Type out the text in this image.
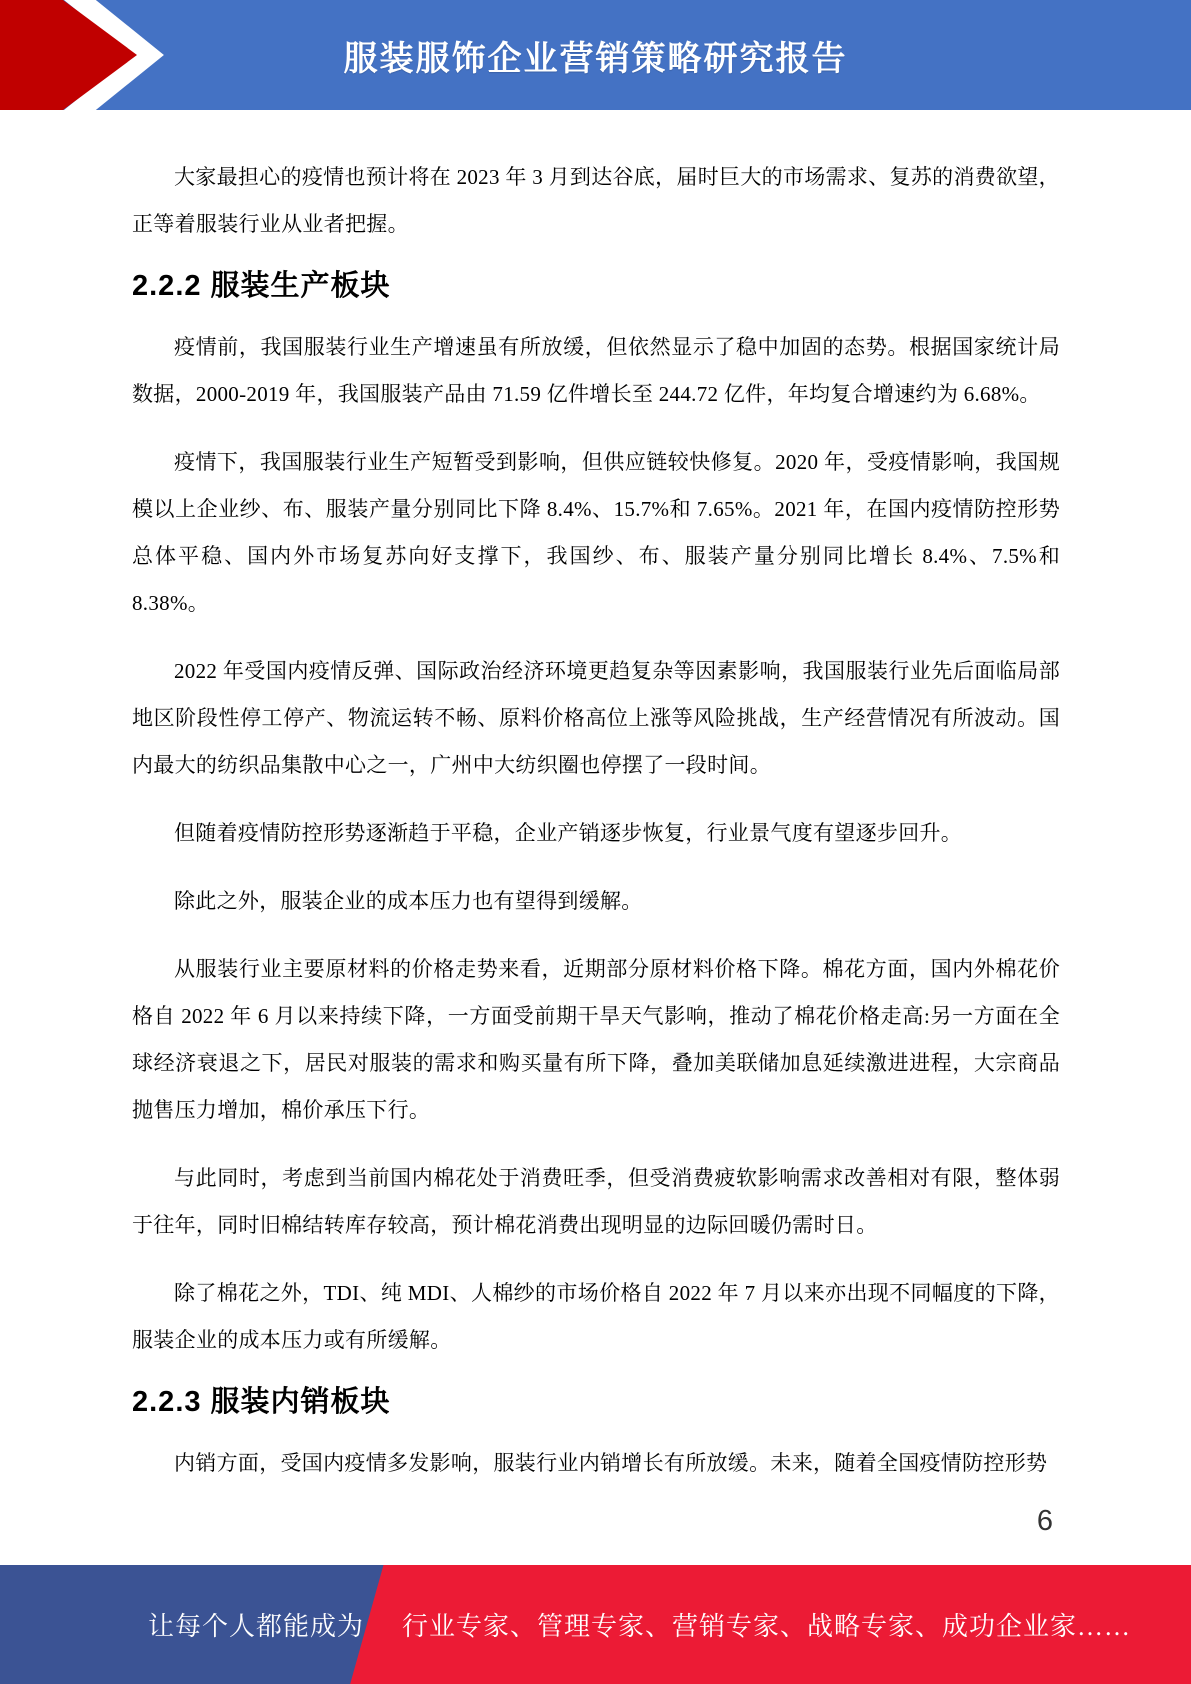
服装服饰企业营销策略研究报告

大家最担心的疫情也预计将在 2023 年 3 月到达谷底，届时巨大的市场需求、复苏的消费欲望，正等着服装行业从业者把握。

2.2.2 服装生产板块

疫情前，我国服装行业生产增速虽有所放缓，但依然显示了稳中加固的态势。根据国家统计局数据，2000-2019 年，我国服装产品由 71.59 亿件增长至 244.72 亿件，年均复合增速约为 6.68%。

疫情下，我国服装行业生产短暂受到影响，但供应链较快修复。2020 年，受疫情影响，我国规模以上企业纱、布、服装产量分别同比下降 8.4%、15.7%和 7.65%。2021 年，在国内疫情防控形势总体平稳、国内外市场复苏向好支撑下，我国纱、布、服装产量分别同比增长 8.4%、7.5%和 8.38%。

2022 年受国内疫情反弹、国际政治经济环境更趋复杂等因素影响，我国服装行业先后面临局部地区阶段性停工停产、物流运转不畅、原料价格高位上涨等风险挑战，生产经营情况有所波动。国内最大的纺织品集散中心之一，广州中大纺织圈也停摆了一段时间。

但随着疫情防控形势逐渐趋于平稳，企业产销逐步恢复，行业景气度有望逐步回升。

除此之外，服装企业的成本压力也有望得到缓解。

从服装行业主要原材料的价格走势来看，近期部分原材料价格下降。棉花方面，国内外棉花价格自 2022 年 6 月以来持续下降，一方面受前期干旱天气影响，推动了棉花价格走高:另一方面在全球经济衰退之下，居民对服装的需求和购买量有所下降，叠加美联储加息延续激进进程，大宗商品抛售压力增加，棉价承压下行。

与此同时，考虑到当前国内棉花处于消费旺季，但受消费疲软影响需求改善相对有限，整体弱于往年，同时旧棉结转库存较高，预计棉花消费出现明显的边际回暖仍需时日。

除了棉花之外，TDI、纯 MDI、人棉纱的市场价格自 2022 年 7 月以来亦出现不同幅度的下降，服装企业的成本压力或有所缓解。

2.2.3 服装内销板块

内销方面，受国内疫情多发影响，服装行业内销增长有所放缓。未来，随着全国疫情防控形势

6
让每个人都能成为 行业专家、管理专家、营销专家、战略专家、成功企业家……
